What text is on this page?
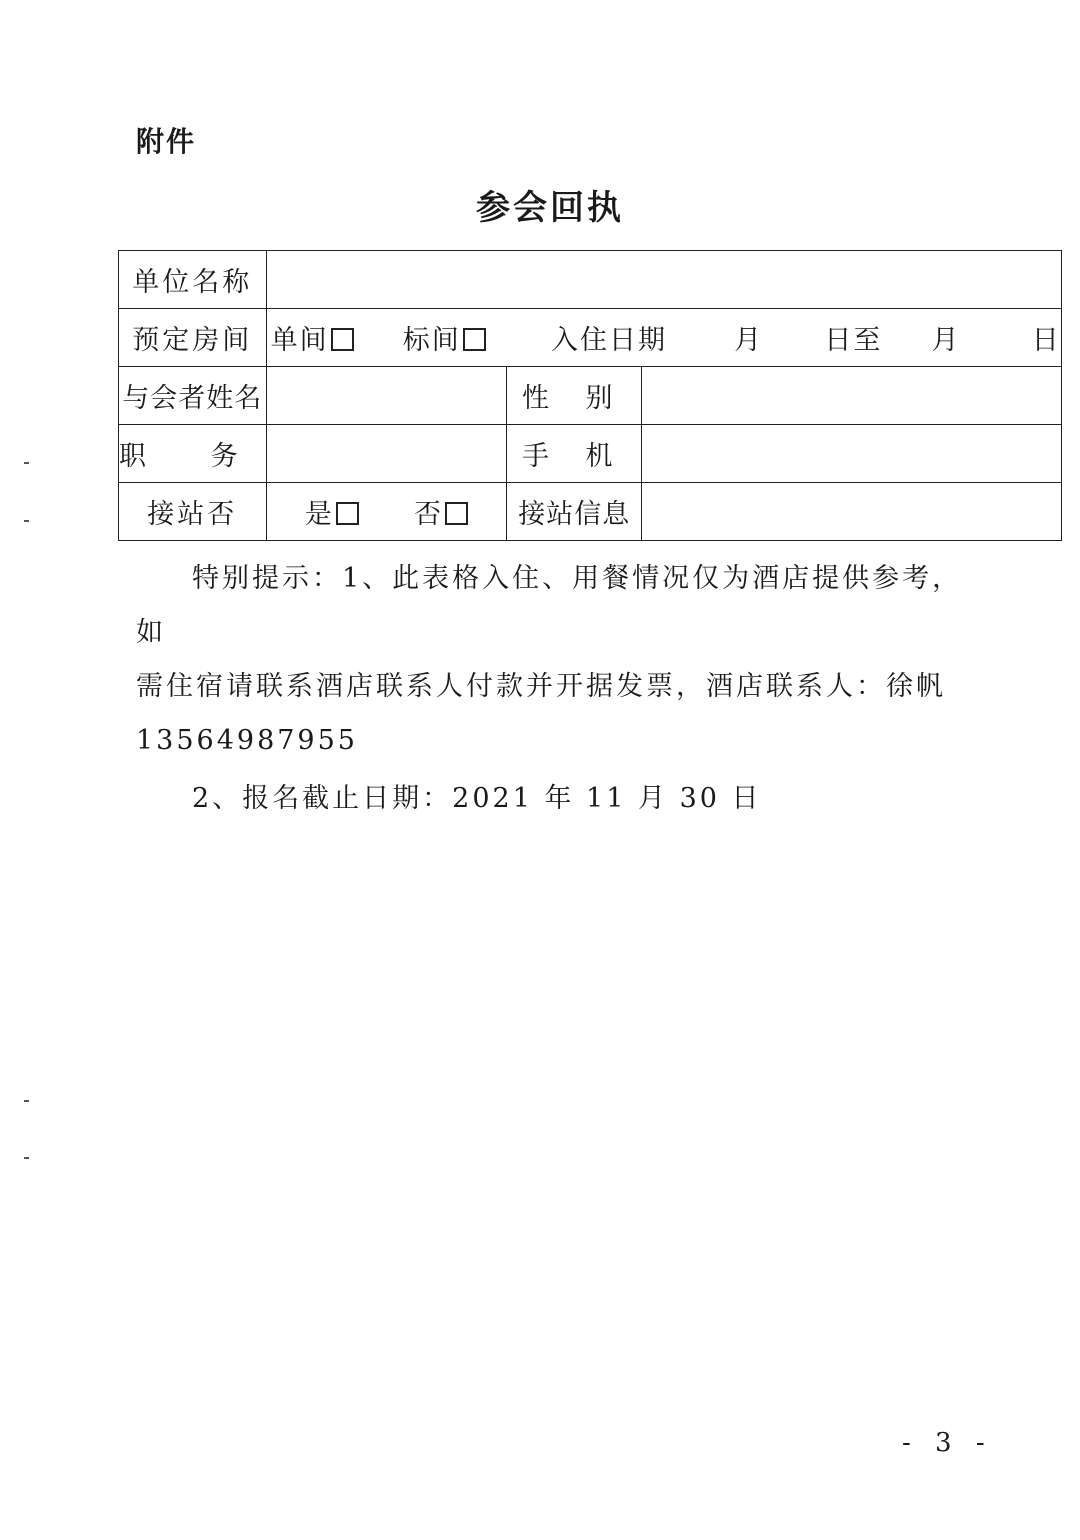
附件
参会回执
单位名称			
预定房间	单间 标间 入住日期 月 日至 月 日		
与会者姓名		性 别	
职 务		手 机	
接站否	是 否	接站信息	

特别提示：1、此表格入住、用餐情况仅为酒店提供参考，如

需住宿请联系酒店联系人付款并开据发票，酒店联系人：徐帆

13564987955

2、报名截止日期：2021 年 11 月 30 日

- 3 -
